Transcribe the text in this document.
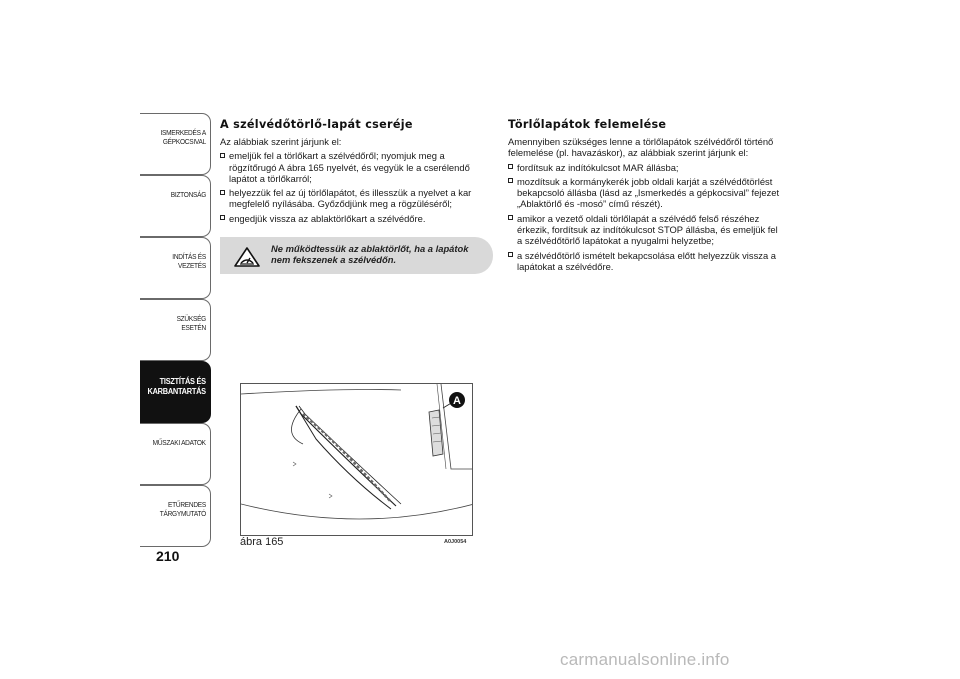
ISMERKEDÉS A GÉPKOCSIVAL
BIZTONSÁG
INDÍTÁS ÉS VEZETÉS
SZÜKSÉG ESETÉN
TISZTÍTÁS ÉS KARBANTARTÁS
MŰSZAKI ADATOK
ETŰRENDES TÁRGYMUTATÓ
210
A szélvédőtörlő-lapát cseréje

Az alábbiak szerint járjunk el:

emeljük fel a törlőkart a szélvédőről; nyomjuk meg a rögzítőrugó A ábra 165 nyelvét, és vegyük le a cserélendő lapátot a törlőkarról;
helyezzük fel az új törlőlapátot, és illesszük a nyelvet a kar megfelelő nyílásába. Győződjünk meg a rögzüléséről;
engedjük vissza az ablaktörlőkart a szélvédőre.
Ne működtessük az ablaktörlőt, ha a lapátok nem fekszenek a szélvédőn.
A
ábra 165	A0J0054
Törlőlapátok felemelése

Amennyiben szükséges lenne a törlőlapátok szélvédőről történő felemelése (pl. havazáskor), az alábbiak szerint járjunk el:

fordítsuk az indítókulcsot MAR állásba;
mozdítsuk a kormánykerék jobb oldali karját a szélvédőtörlést bekapcsoló állásba (lásd az „Ismerkedés a gépkocsival” fejezet „Ablaktörlő és -mosó” című részét).
amikor a vezető oldali törlőlapát a szélvédő felső részéhez érkezik, fordítsuk az indítókulcsot STOP állásba, és emeljük fel a szélvédőtörlő lapátokat a nyugalmi helyzetbe;
a szélvédőtörlő ismételt bekapcsolása előtt helyezzük vissza a lapátokat a szélvédőre.
carmanualsonline.info
